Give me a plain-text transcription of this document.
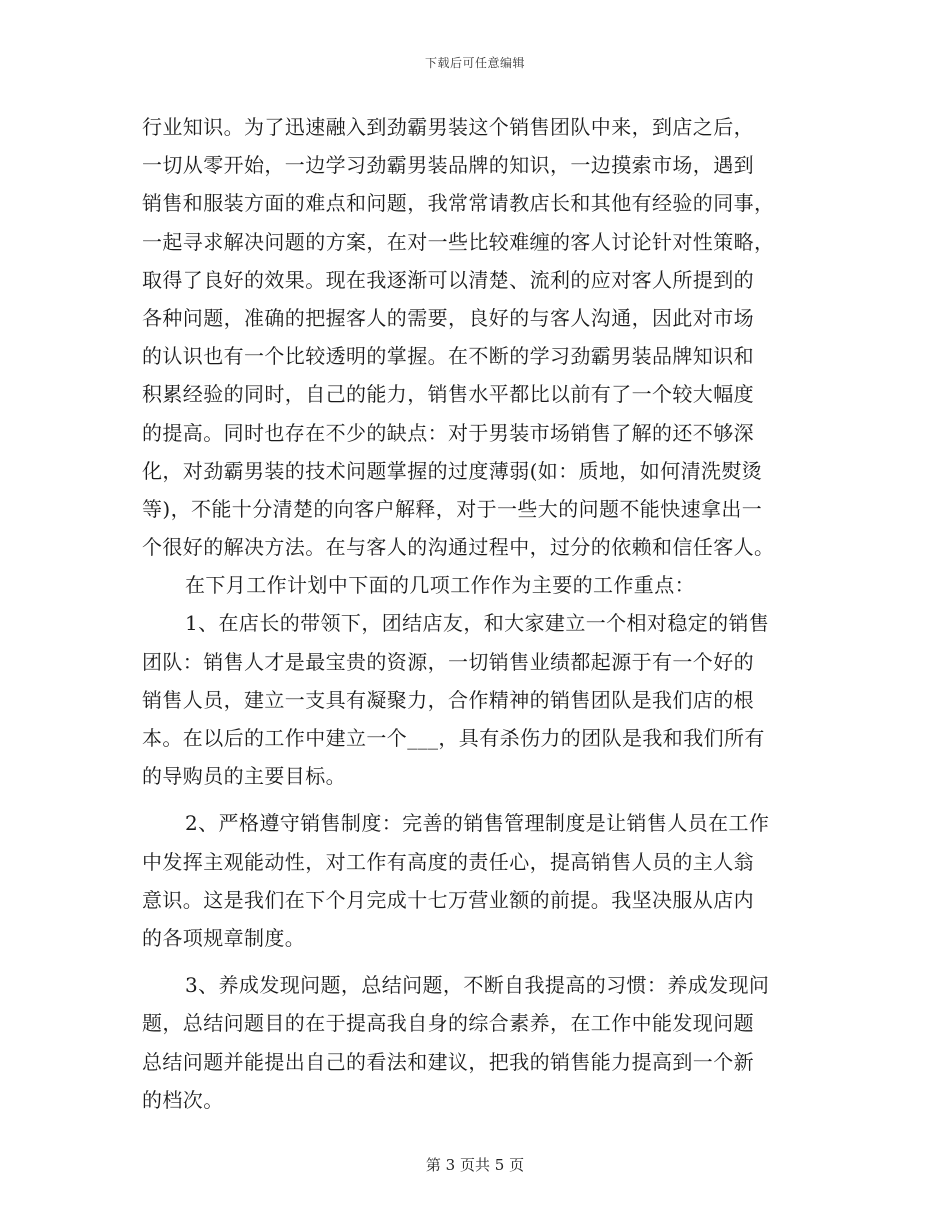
下载后可任意编辑
行业知识。为了迅速融入到劲霸男装这个销售团队中来，到店之后，
一切从零开始，一边学习劲霸男装品牌的知识，一边摸索市场，遇到
销售和服装方面的难点和问题，我常常请教店长和其他有经验的同事，
一起寻求解决问题的方案，在对一些比较难缠的客人讨论针对性策略，
取得了良好的效果。现在我逐渐可以清楚、流利的应对客人所提到的
各种问题，准确的把握客人的需要，良好的与客人沟通，因此对市场
的认识也有一个比较透明的掌握。在不断的学习劲霸男装品牌知识和
积累经验的同时，自己的能力，销售水平都比以前有了一个较大幅度
的提高。同时也存在不少的缺点：对于男装市场销售了解的还不够深
化，对劲霸男装的技术问题掌握的过度薄弱(如：质地，如何清洗熨烫
等)，不能十分清楚的向客户解释，对于一些大的问题不能快速拿出一
个很好的解决方法。在与客人的沟通过程中，过分的依赖和信任客人。
在下月工作计划中下面的几项工作作为主要的工作重点：
1、在店长的带领下，团结店友，和大家建立一个相对稳定的销售
团队：销售人才是最宝贵的资源，一切销售业绩都起源于有一个好的
销售人员，建立一支具有凝聚力，合作精神的销售团队是我们店的根
本。在以后的工作中建立一个___，具有杀伤力的团队是我和我们所有
的导购员的主要目标。
2、严格遵守销售制度：完善的销售管理制度是让销售人员在工作
中发挥主观能动性，对工作有高度的责任心，提高销售人员的主人翁
意识。这是我们在下个月完成十七万营业额的前提。我坚决服从店内
的各项规章制度。
3、养成发现问题，总结问题，不断自我提高的习惯：养成发现问
题，总结问题目的在于提高我自身的综合素养，在工作中能发现问题
总结问题并能提出自己的看法和建议，把我的销售能力提高到一个新
的档次。
第 3 页共 5 页
